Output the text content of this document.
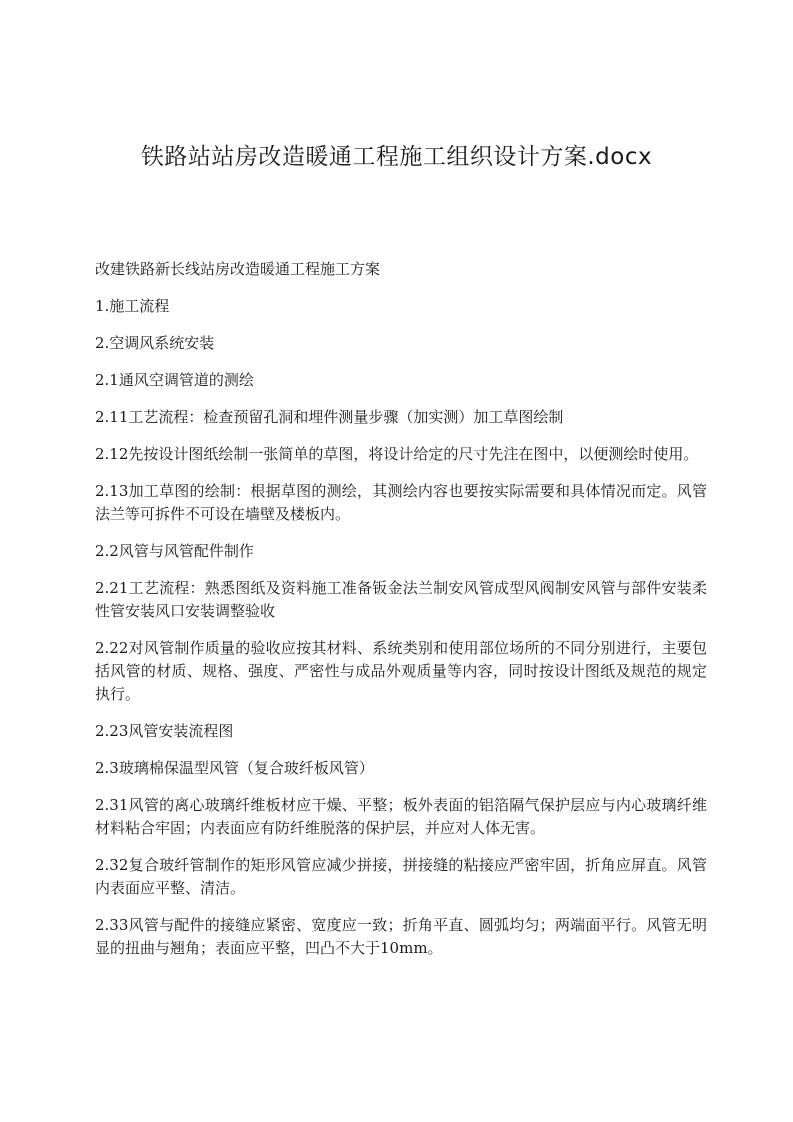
铁路站站房改造暖通工程施工组织设计方案.docx

改建铁路新长线站房改造暖通工程施工方案

1.施工流程

2.空调风系统安装

2.1通风空调管道的测绘

2.11工艺流程：检查预留孔洞和埋件测量步骤（加实测）加工草图绘制

2.12先按设计图纸绘制一张简单的草图，将设计给定的尺寸先注在图中，以便测绘时使用。

2.13加工草图的绘制：根据草图的测绘，其测绘内容也要按实际需要和具体情况而定。风管法兰等可拆件不可设在墙壁及楼板内。

2.2风管与风管配件制作

2.21工艺流程：熟悉图纸及资料施工准备钣金法兰制安风管成型风阀制安风管与部件安装柔性管安装风口安装调整验收

2.22对风管制作质量的验收应按其材料、系统类别和使用部位场所的不同分别进行，主要包括风管的材质、规格、强度、严密性与成品外观质量等内容，同时按设计图纸及规范的规定执行。

2.23风管安装流程图

2.3玻璃棉保温型风管（复合玻纤板风管）

2.31风管的离心玻璃纤维板材应干燥、平整；板外表面的铝箔隔气保护层应与内心玻璃纤维材料粘合牢固；内表面应有防纤维脱落的保护层，并应对人体无害。

2.32复合玻纤管制作的矩形风管应减少拼接，拼接缝的粘接应严密牢固，折角应屏直。风管内表面应平整、清洁。

2.33风管与配件的接缝应紧密、宽度应一致；折角平直、圆弧均匀；两端面平行。风管无明显的扭曲与翘角；表面应平整，凹凸不大于10mm。
